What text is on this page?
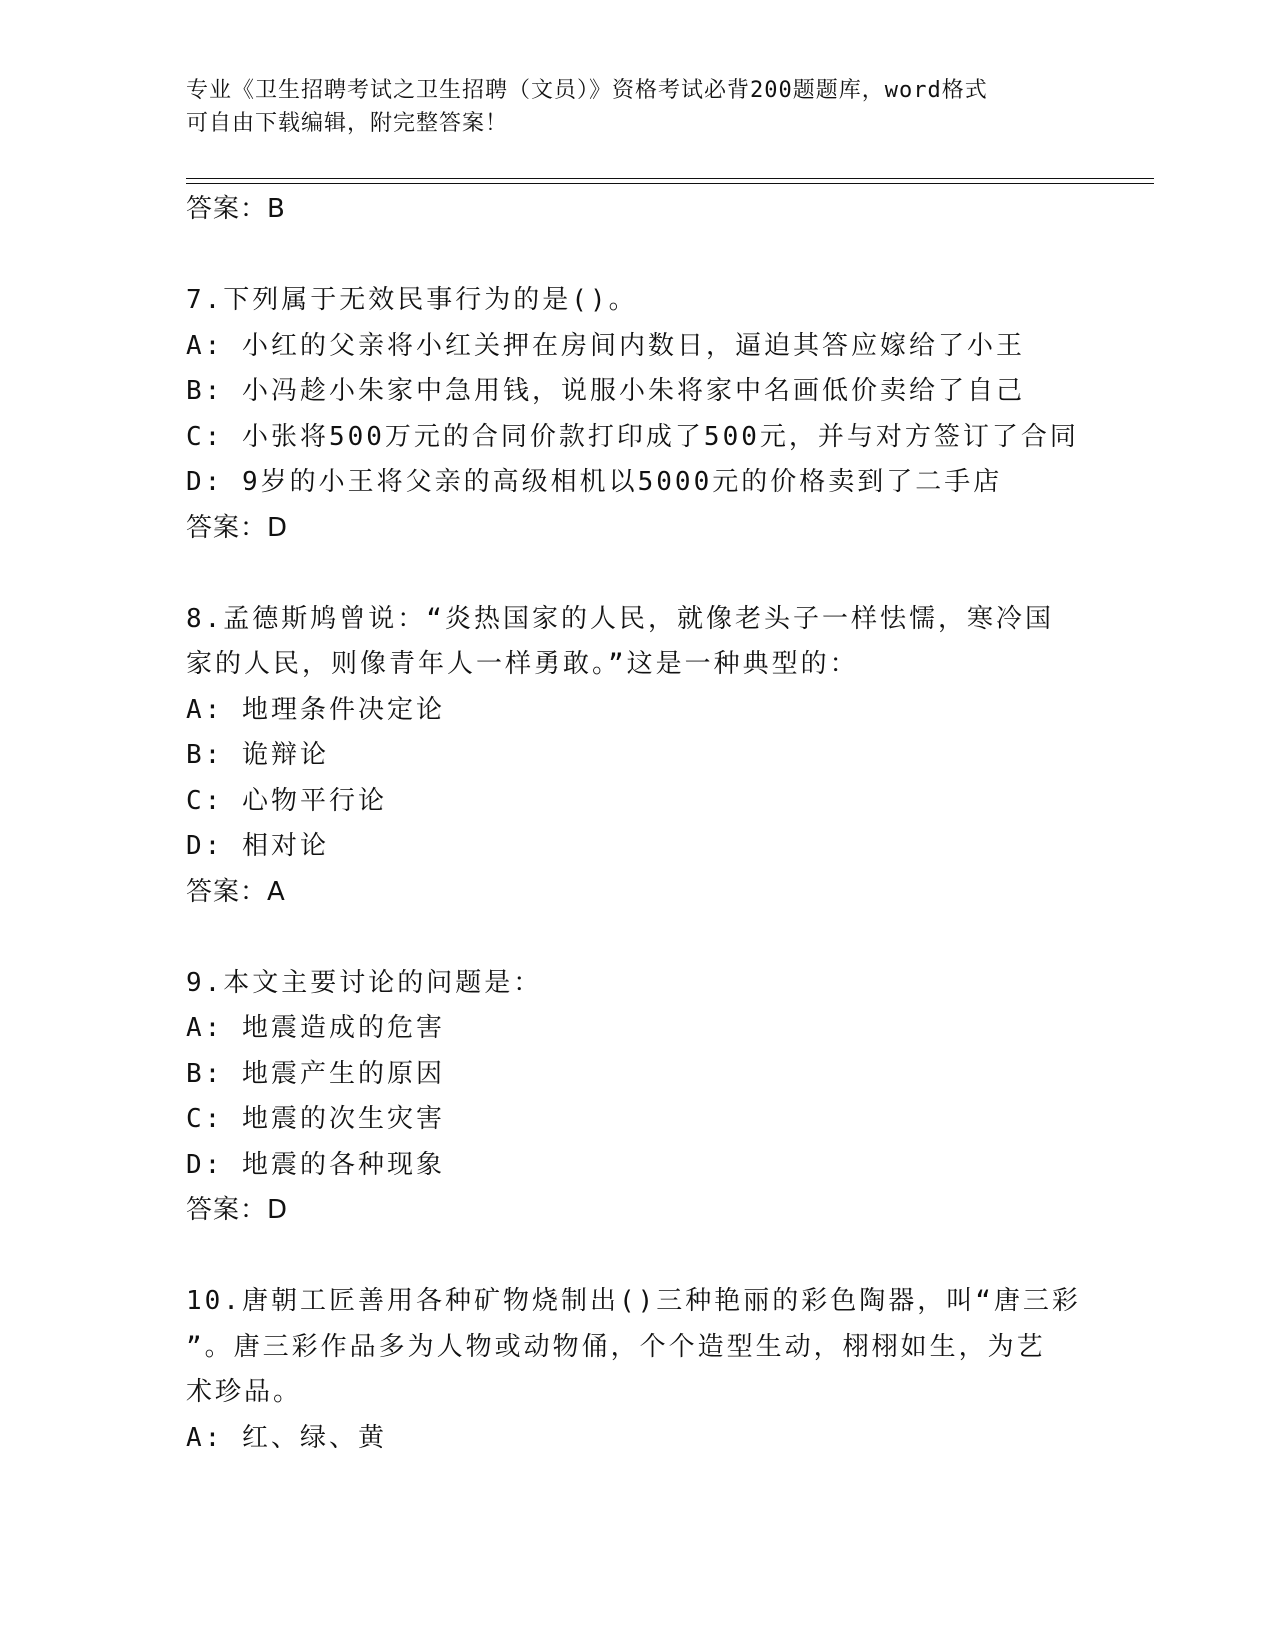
专业《卫生招聘考试之卫生招聘（文员）》资格考试必背200题题库，word格式
可自由下载编辑，附完整答案！
答案：B
7.下列属于无效民事行为的是()。
A: 小红的父亲将小红关押在房间内数日，逼迫其答应嫁给了小王
B: 小冯趁小朱家中急用钱，说服小朱将家中名画低价卖给了自己
C: 小张将500万元的合同价款打印成了500元，并与对方签订了合同
D: 9岁的小王将父亲的高级相机以5000元的价格卖到了二手店
答案：D
8.孟德斯鸠曾说：“炎热国家的人民，就像老头子一样怯懦，寒冷国
家的人民，则像青年人一样勇敢。”这是一种典型的：
A: 地理条件决定论
B: 诡辩论
C: 心物平行论
D: 相对论
答案：A
9.本文主要讨论的问题是：
A: 地震造成的危害
B: 地震产生的原因
C: 地震的次生灾害
D: 地震的各种现象
答案：D
10.唐朝工匠善用各种矿物烧制出()三种艳丽的彩色陶器，叫“唐三彩
”。唐三彩作品多为人物或动物俑，个个造型生动，栩栩如生，为艺
术珍品。
A: 红、绿、黄
